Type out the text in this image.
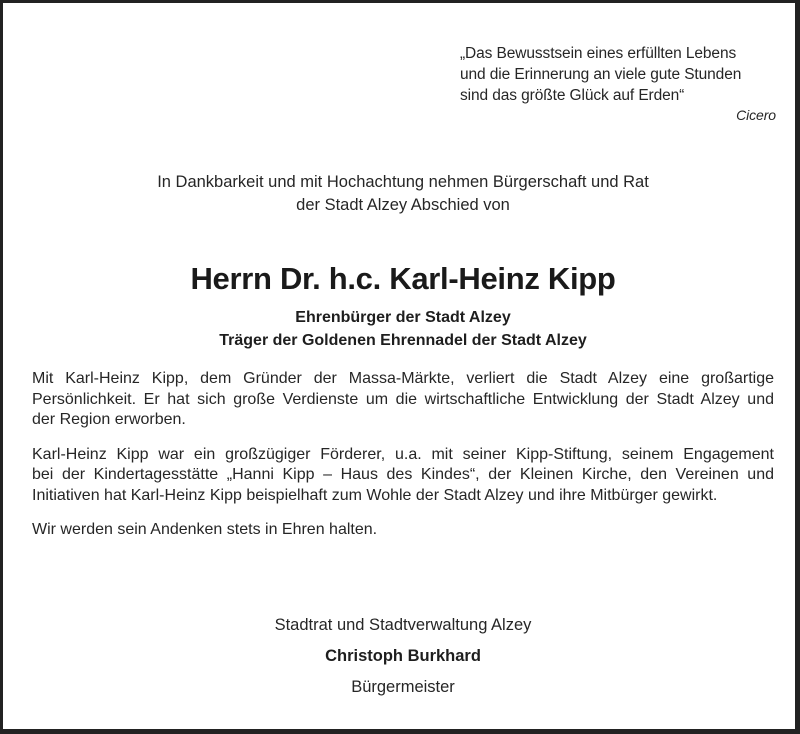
„Das Bewusstsein eines erfüllten Lebens
und die Erinnerung an viele gute Stunden
sind das größte Glück auf Erden“
Cicero
In Dankbarkeit und mit Hochachtung nehmen Bürgerschaft und Rat
der Stadt Alzey Abschied von
Herrn Dr. h.c. Karl-Heinz Kipp
Ehrenbürger der Stadt Alzey
Träger der Goldenen Ehrennadel der Stadt Alzey
Mit Karl-Heinz Kipp, dem Gründer der Massa-Märkte, verliert die Stadt Alzey eine großartige
Persönlichkeit. Er hat sich große Verdienste um die wirtschaftliche Entwicklung der Stadt Alzey und
der Region erworben.
Karl-Heinz Kipp war ein großzügiger Förderer, u.a. mit seiner Kipp-Stiftung, seinem Engagement
bei der Kindertagesstätte „Hanni Kipp – Haus des Kindes“, der Kleinen Kirche, den Vereinen und
Initiativen hat Karl-Heinz Kipp beispielhaft zum Wohle der Stadt Alzey und ihre Mitbürger gewirkt.
Wir werden sein Andenken stets in Ehren halten.
Stadtrat und Stadtverwaltung Alzey
Christoph Burkhard
Bürgermeister
